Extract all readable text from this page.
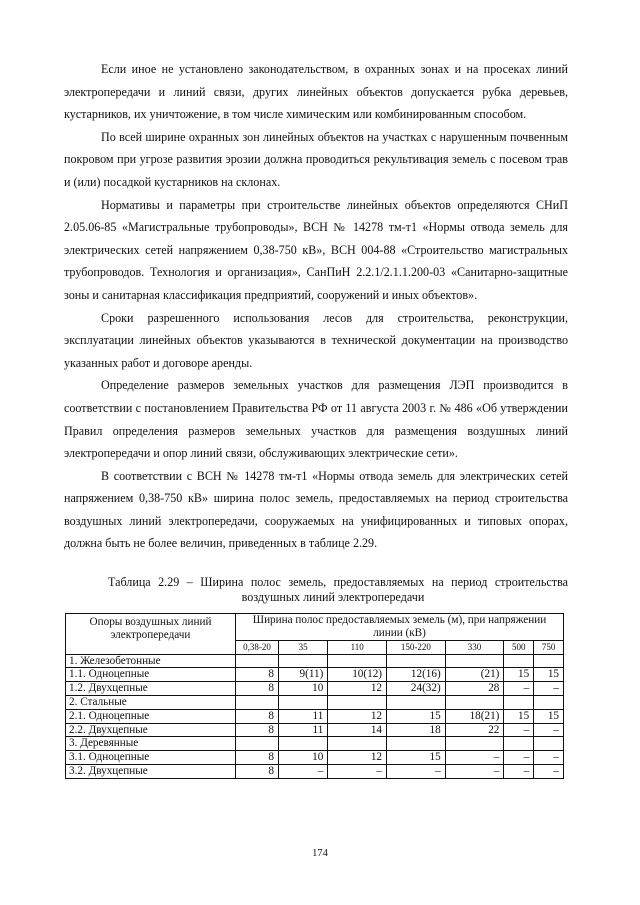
Если иное не установлено законодательством, в охранных зонах и на просеках линий электропередачи и линий связи, других линейных объектов допускается рубка деревьев, кустарников, их уничтожение, в том числе химическим или комбинированным способом.

По всей ширине охранных зон линейных объектов на участках с нарушенным почвенным покровом при угрозе развития эрозии должна проводиться рекультивация земель с посевом трав и (или) посадкой кустарников на склонах.

Нормативы и параметры при строительстве линейных объектов определяются СНиП 2.05.06-85 «Магистральные трубопроводы», ВСН № 14278 тм-т1 «Нормы отвода земель для электрических сетей напряжением 0,38-750 кВ», ВСН 004-88 «Строительство магистральных трубопроводов. Технология и организация», СанПиН 2.2.1/2.1.1.200-03 «Санитарно-защитные зоны и санитарная классификация предприятий, сооружений и иных объектов».

Сроки разрешенного использования лесов для строительства, реконструкции, эксплуатации линейных объектов указываются в технической документации на производство указанных работ и договоре аренды.

Определение размеров земельных участков для размещения ЛЭП производится в соответствии с постановлением Правительства РФ от 11 августа 2003 г. № 486 «Об утверждении Правил определения размеров земельных участков для размещения воздушных линий электропередачи и опор линий связи, обслуживающих электрические сети».

В соответствии с ВСН № 14278 тм-т1 «Нормы отвода земель для электрических сетей напряжением 0,38-750 кВ» ширина полос земель, предоставляемых на период строительства воздушных линий электропередачи, сооружаемых на унифицированных и типовых опорах, должна быть не более величин, приведенных в таблице 2.29.

Таблица 2.29 – Ширина полос земель, предоставляемых на период строительства
воздушных линий электропередачи
Опоры воздушных линий электропередачи	Ширина полос предоставляемых земель (м), при напряжении линии (кВ)						
	0,38-20	35	110	150-220	330	500	750
1. Железобетонные							
1.1. Одноцепные	8	9(11)	10(12)	12(16)	(21)	15	15
1.2. Двухцепные	8	10	12	24(32)	28	–	–
2. Стальные							
2.1. Одноцепные	8	11	12	15	18(21)	15	15
2.2. Двухцепные	8	11	14	18	22	–	–
3. Деревянные							
3.1. Одноцепные	8	10	12	15	–	–	–
3.2. Двухцепные	8	–	–	–	–	–	–
174
